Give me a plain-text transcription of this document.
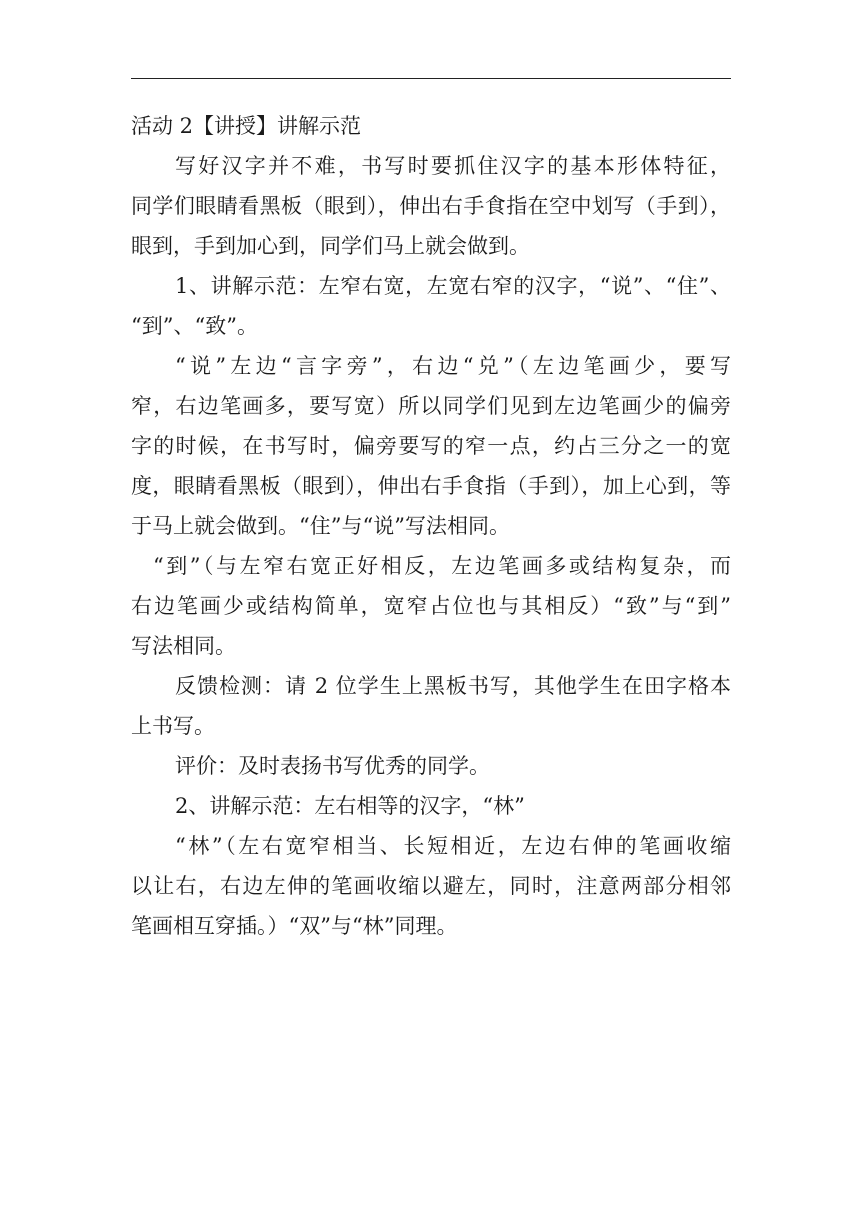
活动 2【讲授】讲解示范
写好汉字并不难，书写时要抓住汉字的基本形体特征，
同学们眼睛看黑板（眼到），伸出右手食指在空中划写（手到），
眼到，手到加心到，同学们马上就会做到。
1、讲解示范：左窄右宽，左宽右窄的汉字，“说”、“住”、
“到”、“致”。
“说”左边“言字旁”，右边“兑”（左边笔画少，要写
窄，右边笔画多，要写宽）所以同学们见到左边笔画少的偏旁
字的时候，在书写时，偏旁要写的窄一点，约占三分之一的宽
度，眼睛看黑板（眼到），伸出右手食指（手到），加上心到，等
于马上就会做到。“住”与“说”写法相同。
“到”（与左窄右宽正好相反，左边笔画多或结构复杂，而
右边笔画少或结构简单，宽窄占位也与其相反）“致”与“到”
写法相同。
反馈检测：请 2 位学生上黑板书写，其他学生在田字格本
上书写。
评价：及时表扬书写优秀的同学。
2、讲解示范：左右相等的汉字，“林”
“林”（左右宽窄相当、长短相近，左边右伸的笔画收缩
以让右，右边左伸的笔画收缩以避左，同时，注意两部分相邻
笔画相互穿插。）“双”与“林”同理。
